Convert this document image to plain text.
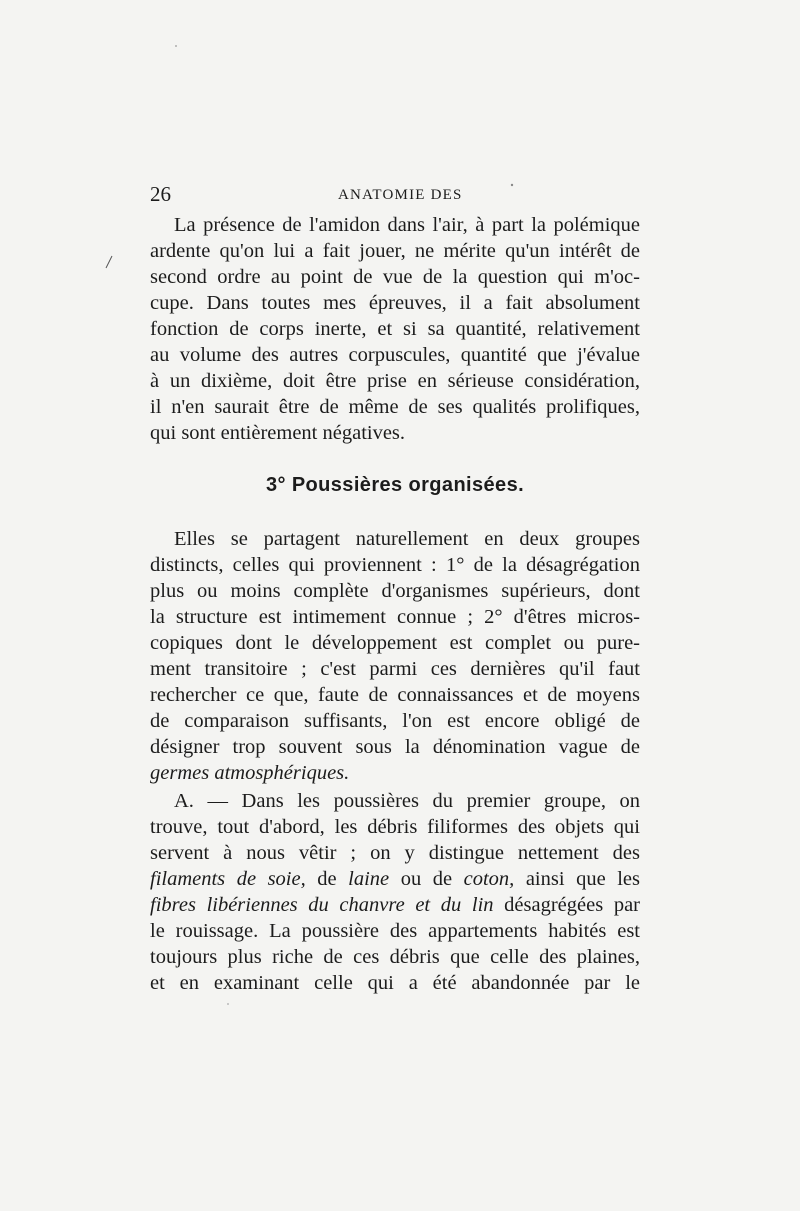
26	ANATOMIE DES
La présence de l'amidon dans l'air, à part la polémique
ardente qu'on lui a fait jouer, ne mérite qu'un intérêt de
second ordre au point de vue de la question qui m'oc-
cupe. Dans toutes mes épreuves, il a fait absolument
fonction de corps inerte, et si sa quantité, relativement
au volume des autres corpuscules, quantité que j'évalue
à un dixième, doit être prise en sérieuse considération,
il n'en saurait être de même de ses qualités prolifiques,
qui sont entièrement négatives.
3° Poussières organisées.
Elles se partagent naturellement en deux groupes
distincts, celles qui proviennent : 1° de la désagrégation
plus ou moins complète d'organismes supérieurs, dont
la structure est intimement connue ; 2° d'êtres micros-
copiques dont le développement est complet ou pure-
ment transitoire ; c'est parmi ces dernières qu'il faut
rechercher ce que, faute de connaissances et de moyens
de comparaison suffisants, l'on est encore obligé de
désigner trop souvent sous la dénomination vague de
germes atmosphériques.
A. — Dans les poussières du premier groupe, on
trouve, tout d'abord, les débris filiformes des objets qui
servent à nous vêtir ; on y distingue nettement des
filaments de soie, de laine ou de coton, ainsi que les
fibres libériennes du chanvre et du lin désagrégées par
le rouissage. La poussière des appartements habités est
toujours plus riche de ces débris que celle des plaines,
et en examinant celle qui a été abandonnée par le
